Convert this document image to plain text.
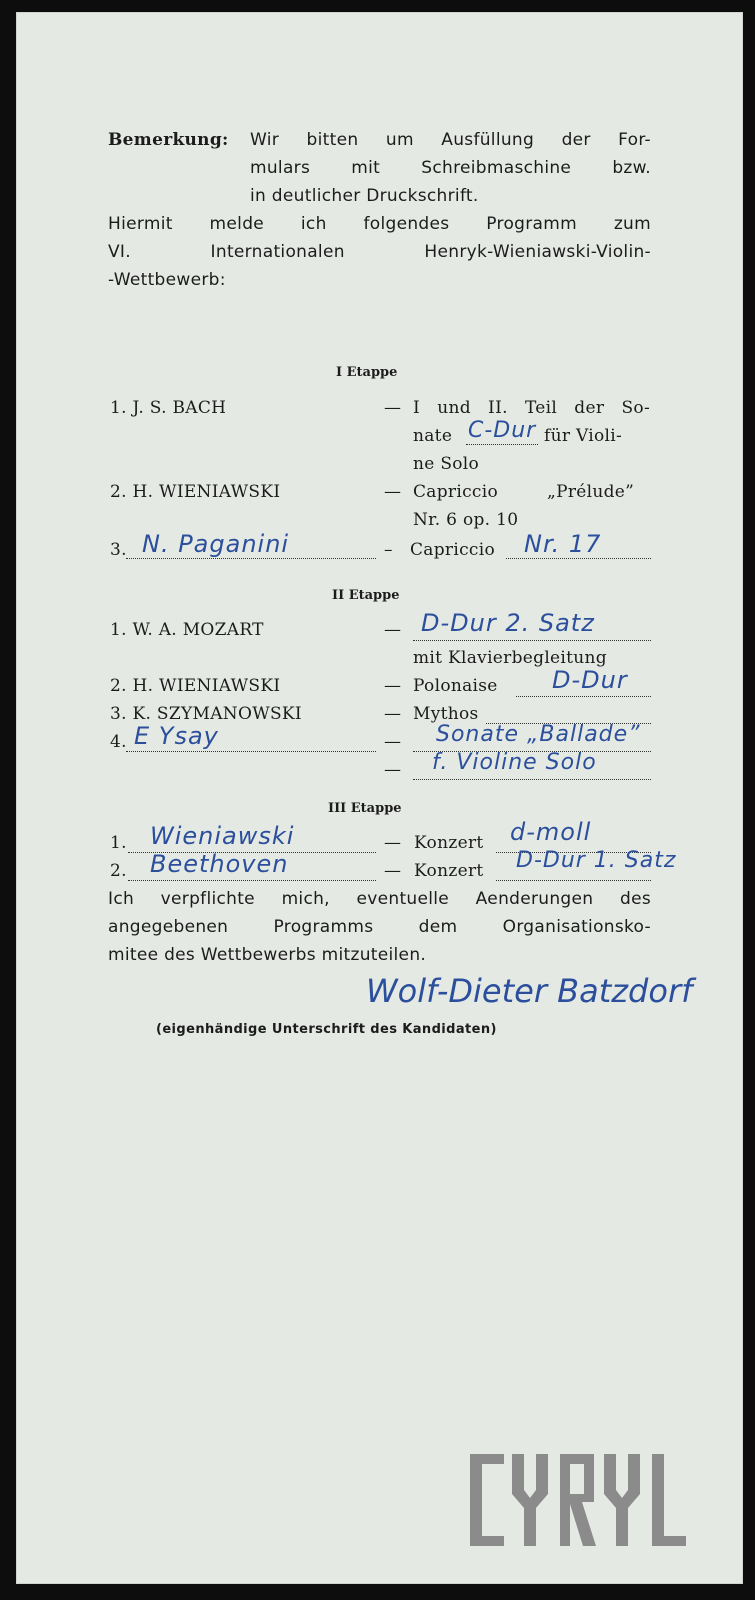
Bemerkung: Wir bitten um Ausfüllung der For-
mulars mit Schreibmaschine bzw.
in deutlicher Druckschrift.
Hiermit melde ich folgendes Programm zum
VI. Internationalen Henryk-Wieniawski-Violin-
-Wettbewerb:
I Etappe
1. J. S. BACH	— I und II. Teil der So-
nate C-Dur für Violi-
ne Solo
2. H. WIENIAWSKI	— Capriccio	„Prélude”
Nr. 6 op. 10
3. N. Paganini	– Capriccio Nr. 17
II Etappe
1. W. A. MOZART	— D-Dur 2. Satz
mit Klavierbegleitung
2. H. WIENIAWSKI	— Polonaise D-Dur
3. K. SZYMANOWSKI	— Mythos
4. E Ysay	— Sonate „Ballade”
— f. Violine Solo
III Etappe
1. Wieniawski	— Konzert d-moll
2. Beethoven	— Konzert D-Dur 1. Satz
Ich verpflichte mich, eventuelle Aenderungen des
angegebenen Programms dem Organisationsko-
mitee des Wettbewerbs mitzuteilen.
Wolf-Dieter Batzdorf
(eigenhändige Unterschrift des Kandidaten)
CYRYL
